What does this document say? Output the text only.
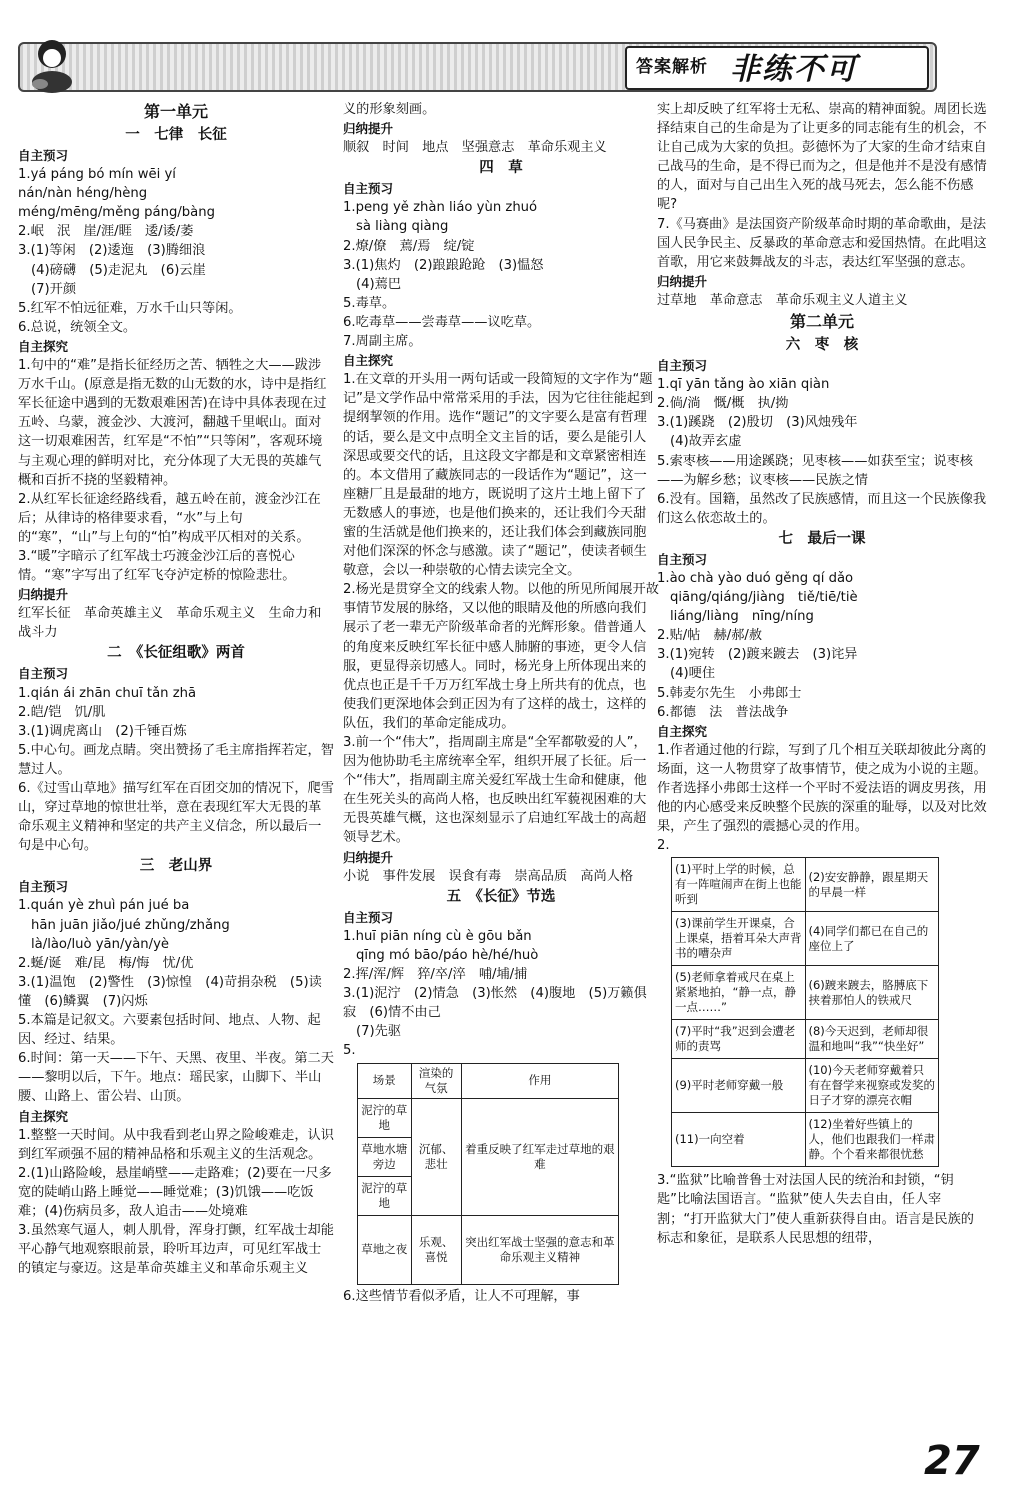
答案解析 非练不可

第一单元

一　七律　长征

自主预习

1.yá páng bó mín wēi yí

nán/nàn héng/hèng

méng/mēng/měng páng/bàng

2.岷　泯　崖/涯/睚　逶/诿/萎

3.(1)等闲　(2)逶迤　(3)腾细浪

(4)磅礴　(5)走泥丸　(6)云崖

(7)开颜

5.红军不怕远征难，万水千山只等闲。

6.总说，统领全文。

自主探究

1.句中的“难”是指长征经历之苦、牺牲之大——跋涉万水千山。(原意是指无数的山无数的水，诗中是指红军长征途中遇到的无数艰难困苦)在诗中具体表现在过五岭、乌蒙，渡金沙、大渡河，翻越千里岷山。面对这一切艰难困苦，红军是“不怕”“只等闲”，客观环境与主观心理的鲜明对比，充分体现了大无畏的英雄气概和百折不挠的坚毅精神。

2.从红军长征途经路线看，越五岭在前，渡金沙江在后；从律诗的格律要求看，“水”与上句的“寒”，“山”与上句的“怕”构成平仄相对的关系。

3.“暖”字暗示了红军战士巧渡金沙江后的喜悦心情。“寒”字写出了红军飞夺泸定桥的惊险悲壮。

归纳提升

红军长征　革命英雄主义　革命乐观主义　生命力和战斗力

二　《长征组歌》两首

自主预习

1.qián ái zhān chuī tǎn zhā

2.皑/铠　饥/肌

3.(1)调虎离山　(2)千锤百炼

5.中心句。画龙点睛。突出赞扬了毛主席指挥若定，智慧过人。

6.《过雪山草地》描写红军在百团交加的情况下，爬雪山，穿过草地的惊世壮举，意在表现红军大无畏的革命乐观主义精神和坚定的共产主义信念，所以最后一句是中心句。

三　老山界

自主预习

1.quán yè zhuì pán jué ba

hān juān jiǎo/jué zhǔng/zhǎng

là/lào/luò yān/yàn/yè

2.蜒/诞　难/昆　梅/悔　忧/优

3.(1)温饱　(2)警性　(3)惊惶　(4)苛捐杂税　(5)读懂　(6)鳞翼　(7)闪烁

5.本篇是记叙文。六要素包括时间、地点、人物、起因、经过、结果。

6.时间：第一天——下午、天黑、夜里、半夜。第二天——黎明以后，下午。地点：瑶民家，山脚下、半山腰、山路上、雷公岩、山顶。

自主探究

1.整整一天时间。从中我看到老山界之险峻难走，认识到红军顽强不屈的精神品格和乐观主义的生活观念。

2.(1)山路险峻，悬崖峭壁——走路难；(2)要在一尺多宽的陡峭山路上睡觉——睡觉难；(3)饥饿——吃饭难；(4)伤病员多，敌人追击——处境难

3.虽然寒气逼人，刺人肌骨，浑身打颤，红军战士却能平心静气地观察眼前景，聆听耳边声，可见红军战士的镇定与豪迈。这是革命英雄主义和革命乐观主义

义的形象刻画。

归纳提升

顺叙　时间　地点　坚强意志　革命乐观主义

四　草

自主预习

1.peng yě zhàn liáo yùn zhuó

sà liàng qiàng

2.燎/僚　蔫/焉　绽/锭

3.(1)焦灼　(2)踉踉跄跄　(3)愠怒

(4)蔫巴

5.毒草。

6.吃毒草——尝毒草——议吃草。

7.周副主席。

自主探究

1.在文章的开头用一两句话或一段简短的文字作为“题记”是文学作品中常常采用的手法，因为它往往能起到提纲挈领的作用。选作“题记”的文字要么是富有哲理的话，要么是文中点明全文主旨的话，要么是能引人深思或要交代的话，且这段文字都是和文章紧密相连的。本文借用了藏族同志的一段话作为“题记”，这一座糖厂且是最甜的地方，既说明了这片土地上留下了无数感人的事迹，也是他们换来的，还让我们今天甜蜜的生活就是他们换来的，还让我们体会到藏族同胞对他们深深的怀念与感激。读了“题记”，使读者顿生敬意，会以一种崇敬的心情去读完全文。

2.杨光是贯穿全文的线索人物。以他的所见所闻展开故事情节发展的脉络，又以他的眼睛及他的所感向我们展示了老一辈无产阶级革命者的光辉形象。借普通人的角度来反映红军长征中感人肺腑的事迹，更令人信服，更显得亲切感人。同时，杨光身上所体现出来的优点也正是千千万万红军战士身上所共有的优点，也使我们更深地体会到正因为有了这样的战士，这样的队伍，我们的革命定能成功。

3.前一个“伟大”，指周副主席是“全军都敬爱的人”，因为他协助毛主席统率全军，组织开展了长征。后一个“伟大”，指周副主席关爱红军战士生命和健康，他在生死关头的高尚人格，也反映出红军藐视困难的大无畏英雄气概，这也深刻显示了启迪红军战士的高超领导艺术。

归纳提升

小说　事件发展　误食有毒　崇高品质　高尚人格

五　《长征》节选

自主预习

1.huī piān níng cù è gōu bǎn

qīng mó bāo/páo hè/hé/huò

2.挥/浑/辉　猝/卒/淬　哺/埔/捕

3.(1)泥泞　(2)情急　(3)怅然　(4)腹地　(5)万籁俱寂　(6)情不由己

(7)先驱

5.

场景	渲染的气氛	作用
泥泞的草地	沉郁、悲壮	着重反映了红军走过草地的艰难
草地水塘旁边		
泥泞的草地		
草地之夜	乐观、喜悦	突出红军战士坚强的意志和革命乐观主义精神

6.这些情节看似矛盾，让人不可理解，事

实上却反映了红军将士无私、崇高的精神面貌。周团长选择结束自己的生命是为了让更多的同志能有生的机会，不让自己成为大家的负担。彭德怀为了大家的生命才结束自己战马的生命，是不得已而为之，但是他并不是没有感情的人，面对与自己出生入死的战马死去，怎么能不伤感呢?

7.《马赛曲》是法国资产阶级革命时期的革命歌曲，是法国人民争民主、反暴政的革命意志和爱国热情。在此唱这首歌，用它来鼓舞战友的斗志，表达红军坚强的意志。

归纳提升

过草地　革命意志　革命乐观主义人道主义

第二单元

六　枣　核

自主预习

1.qī yān tǎng ào xiān qiàn

2.倘/淌　慨/概　执/拗

3.(1)蹊跷　(2)殷切　(3)风烛残年

(4)故弄玄虚

5.索枣核——用途蹊跷；见枣核——如获至宝；说枣核——为解乡愁；议枣核——民族之情

6.没有。国籍，虽然改了民族感情，而且这一个民族像我们这么依恋故土的。

七　最后一课

自主预习

1.ào chà yào duó gěng qí dǎo

qiāng/qiáng/jiàng　tiě/tiē/tiè

liáng/liàng　nīng/níng

2.贴/帖　赫/郝/赦

3.(1)宛转　(2)踱来踱去　(3)诧异

(4)哽住

5.韩麦尔先生　小弗郎士

6.都德　法　普法战争

自主探究

1.作者通过他的行踪，写到了几个相互关联却彼此分离的场面，这一人物贯穿了故事情节，使之成为小说的主题。作者选择小弗郎士这样一个平时不爱法语的调皮男孩，用他的内心感受来反映整个民族的深重的耻辱，以及对比效果，产生了强烈的震撼心灵的作用。

2.

(1)平时上学的时候，总有一阵喧闹声在街上也能听到	(2)安安静静，跟星期天的早晨一样
(3)课前学生开课桌，合上课桌，捂着耳朵大声背书的嘈杂声	(4)同学们都已在自己的座位上了
(5)老师拿着戒尺在桌上紧紧地拍，“静一点，静一点……”	(6)踱来踱去，胳膊底下挟着那怕人的铁戒尺
(7)平时“我”迟到会遭老师的责骂	(8)今天迟到，老师却很温和地叫“我”“快坐好”
(9)平时老师穿戴一般	(10)今天老师穿戴着只有在督学来视察或发奖的日子才穿的漂亮衣帽
(11)一向空着	(12)坐着好些镇上的人，他们也跟我们一样肃静。个个看来都很忧愁

3.“监狱”比喻普鲁士对法国人民的统治和封锁，“钥匙”比喻法国语言。“监狱”使人失去自由，任人宰割；“打开监狱大门”使人重新获得自由。语言是民族的标志和象征，是联系人民思想的纽带，

27
